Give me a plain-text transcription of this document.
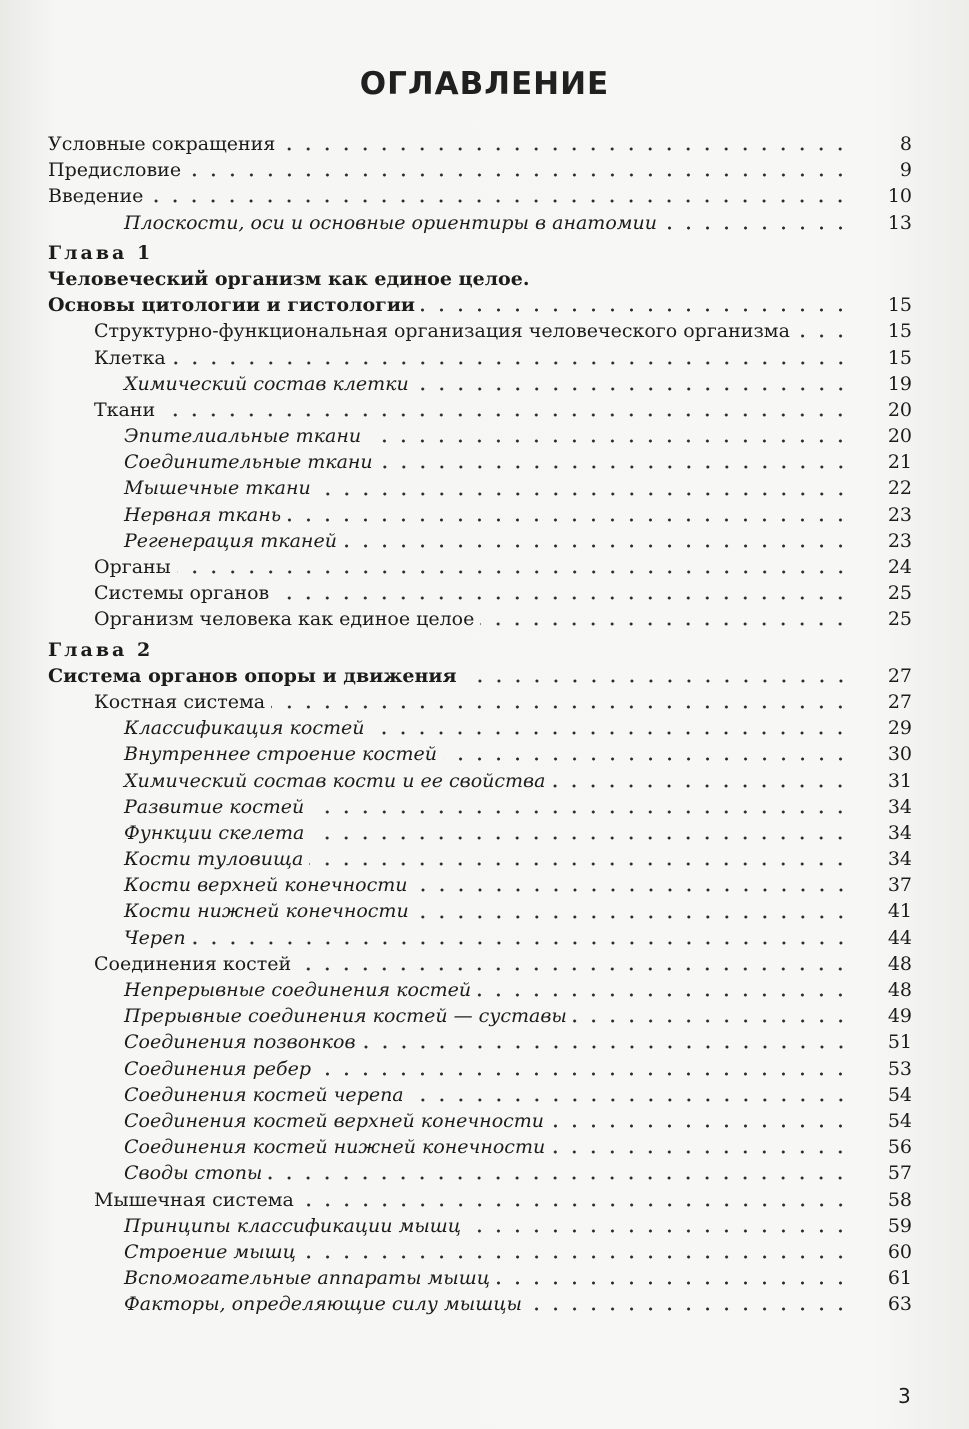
ОГЛАВЛЕНИЕ
Условные сокращения	8
Предисловие	9
Введение	10
Плоскости, оси и основные ориентиры в анатомии	13
Глава 1
Человеческий организм как единое целое.
Основы цитологии и гистологии	15
Структурно-функциональная организация человеческого организма	15
Клетка	15
Химический состав клетки	19
Ткани	20
Эпителиальные ткани	20
Соединительные ткани	21
Мышечные ткани	22
Нервная ткань	23
Регенерация тканей	23
Органы	24
Системы органов	25
Организм человека как единое целое	25
Глава 2
Система органов опоры и движения	27
Костная система	27
Классификация костей	29
Внутреннее строение костей	30
Химический состав кости и ее свойства	31
Развитие костей	34
Функции скелета	34
Кости туловища	34
Кости верхней конечности	37
Кости нижней конечности	41
Череп	44
Соединения костей	48
Непрерывные соединения костей	48
Прерывные соединения костей — суставы	49
Соединения позвонков	51
Соединения ребер	53
Соединения костей черепа	54
Соединения костей верхней конечности	54
Соединения костей нижней конечности	56
Своды стопы	57
Мышечная система	58
Принципы классификации мышц	59
Строение мышц	60
Вспомогательные аппараты мышц	61
Факторы, определяющие силу мышцы	63
3
